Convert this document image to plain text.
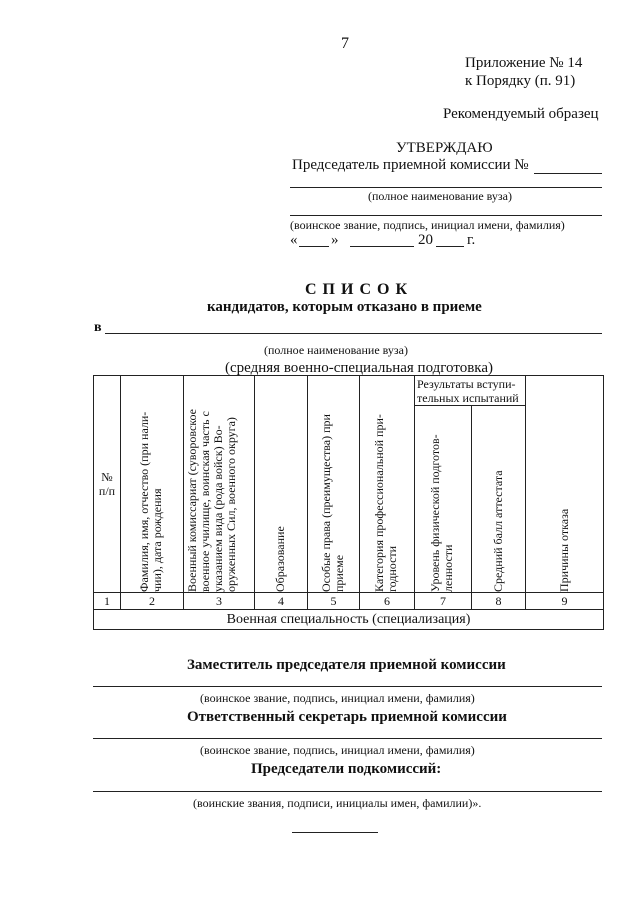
7
Приложение № 14
к Порядку (п. 91)
Рекомендуемый образец
УТВЕРЖДАЮ
Председатель приемной комиссии №
(полное наименование вуза)
(воинское звание, подпись, инициал имени, фамилия)
« »	20 г.
С П И С О К
кандидатов, которым отказано в приеме
в
(полное наименование вуза)
(средняя военно-специальная подготовка)
№ п/п	Фамилия, имя, отчество (при нали-чии), дата рождения	Военный комиссариат (суворовское военное училище, воинская часть с указанием вида (рода войск) Во-оруженных Сил, военного округа)	Образование	Особые права (преимущества) при приеме	Категория профессиональной при-годности	Результаты вступи-тельных испытаний		Причины отказа

						Уровень физической подготов-ленности	Средний балл аттестата	

1	2	3	4	5	6	7	8	9
Военная специальность (специализация)								
Заместитель председателя приемной комиссии
(воинское звание, подпись, инициал имени, фамилия)
Ответственный секретарь приемной комиссии
(воинское звание, подпись, инициал имени, фамилия)
Председатели подкомиссий:
(воинские звания, подписи, инициалы имен, фамилии)».
